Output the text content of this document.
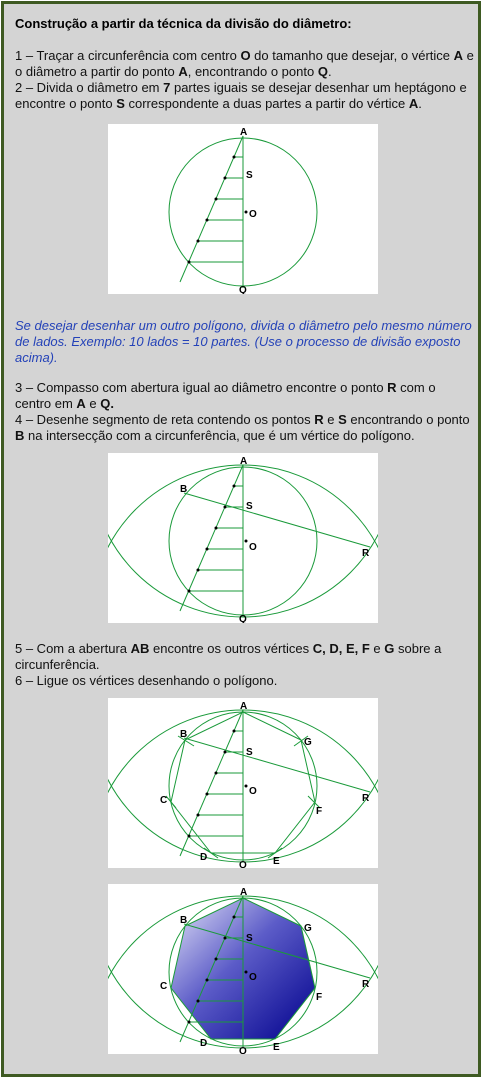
Construção a partir da técnica da divisão do diâmetro:
1 – Traçar a circunferência com centro O do tamanho que desejar, o vértice A e o diâmetro a partir do ponto A, encontrando o ponto Q.
2 – Divida o diâmetro em 7 partes iguais se desejar desenhar um heptágono e encontre o ponto S correspondente a duas partes a partir do vértice A.
A
S
O
Q
Se desejar desenhar um outro polígono, divida o diâmetro pelo mesmo número de lados. Exemplo: 10 lados = 10 partes. (Use o processo de divisão exposto acima).
3 – Compasso com abertura igual ao diâmetro encontre o ponto R com o centro em A e Q.
4 – Desenhe segmento de reta contendo os pontos R e S encontrando o ponto B na intersecção com a circunferência, que é um vértice do polígono.
A
B
S
O
R
Q
5 – Com a abertura AB encontre os outros vértices C, D, E, F e G sobre a circunferência.
6 – Ligue os vértices desenhando o polígono.
A
B
G
S
O
C	R
F
D	E
Q
A
B
G
S
O
C	R
F
D	E
Q
